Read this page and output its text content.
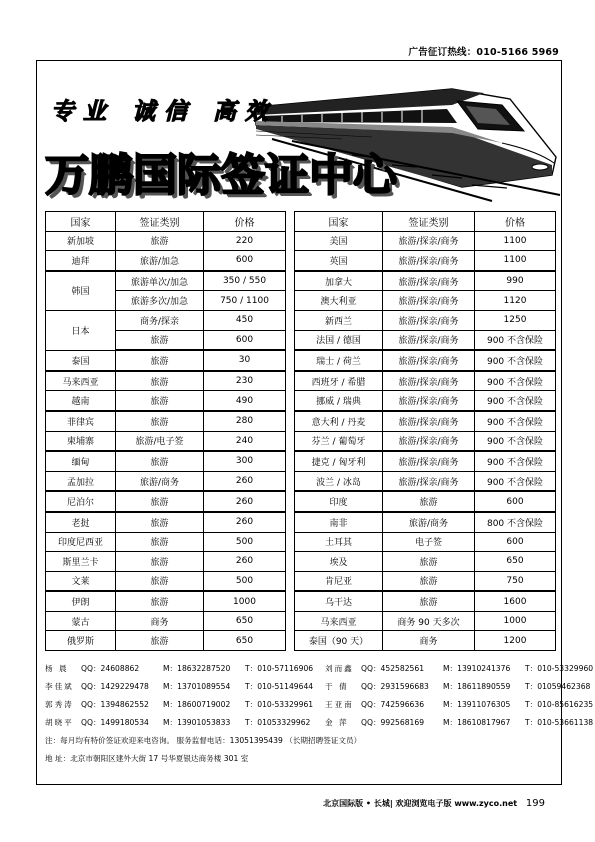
广告征订热线：010-5166 5969
专业 诚信 高效
万鹏国际签证中心
国家	签证类别	价格		国家	签证类别	价格
新加坡	旅游	220		美国	旅游/探亲/商务	1100
迪拜	旅游/加急	600		英国	旅游/探亲/商务	1100
韩国	旅游单次/加急	350 / 550		加拿大	旅游/探亲/商务	990
	旅游多次/加急	750 / 1100		澳大利亚	旅游/探亲/商务	1120
日本	商务/探亲	450		新西兰	旅游/探亲/商务	1250
	旅游	600		法国 / 德国	旅游/探亲/商务	900 不含保险
泰国	旅游	30		瑞士 / 荷兰	旅游/探亲/商务	900 不含保险
马来西亚	旅游	230		西班牙 / 希腊	旅游/探亲/商务	900 不含保险
越南	旅游	490		挪威 / 瑞典	旅游/探亲/商务	900 不含保险
菲律宾	旅游	280		意大利 / 丹麦	旅游/探亲/商务	900 不含保险
柬埔寨	旅游/电子签	240		芬兰 / 葡萄牙	旅游/探亲/商务	900 不含保险
缅甸	旅游	300		捷克 / 匈牙利	旅游/探亲/商务	900 不含保险
孟加拉	旅游/商务	260		波兰 / 冰岛	旅游/探亲/商务	900 不含保险
尼泊尔	旅游	260		印度	旅游	600
老挝	旅游	260		南非	旅游/商务	800 不含保险
印度尼西亚	旅游	500		土耳其	电子签	600
斯里兰卡	旅游	260		埃及	旅游	650
文莱	旅游	500		肯尼亚	旅游	750
伊朗	旅游	1000		乌干达	旅游	1600
蒙古	商务	650		马来西亚	商务 90 天多次	1000
俄罗斯	旅游	650		泰国（90 天）	商务	1200
杨 晨	QQ：24608862	M：18632287520	T：010-57116906	刘而鑫 QQ：452582561	M：13910241376	T：010-53329960
李佳斌 QQ：1429229478	M：13701089554	T：010-51149644	于 倩	QQ：2931596683	M：18611890559	T：01059462368
郭秀涛 QQ：1394862552	M：18600719002	T：010-53329961	王亚南 QQ：742596636	M：13911076305	T：010-85616235
胡晓平 QQ：1499180534	M：13901053833	T：01053329962	金 萍	QQ：992568169	M：18610817967	T：010-53661138
注：每月均有特价签证欢迎来电咨询。 服务监督电话：13051395439 （长期招聘签证文员）
地 址：北京市朝阳区建外大街 17 号华夏银达商务楼 301 室
北京国际版 • 长城| 欢迎浏览电子版 www.zyco.net 199
